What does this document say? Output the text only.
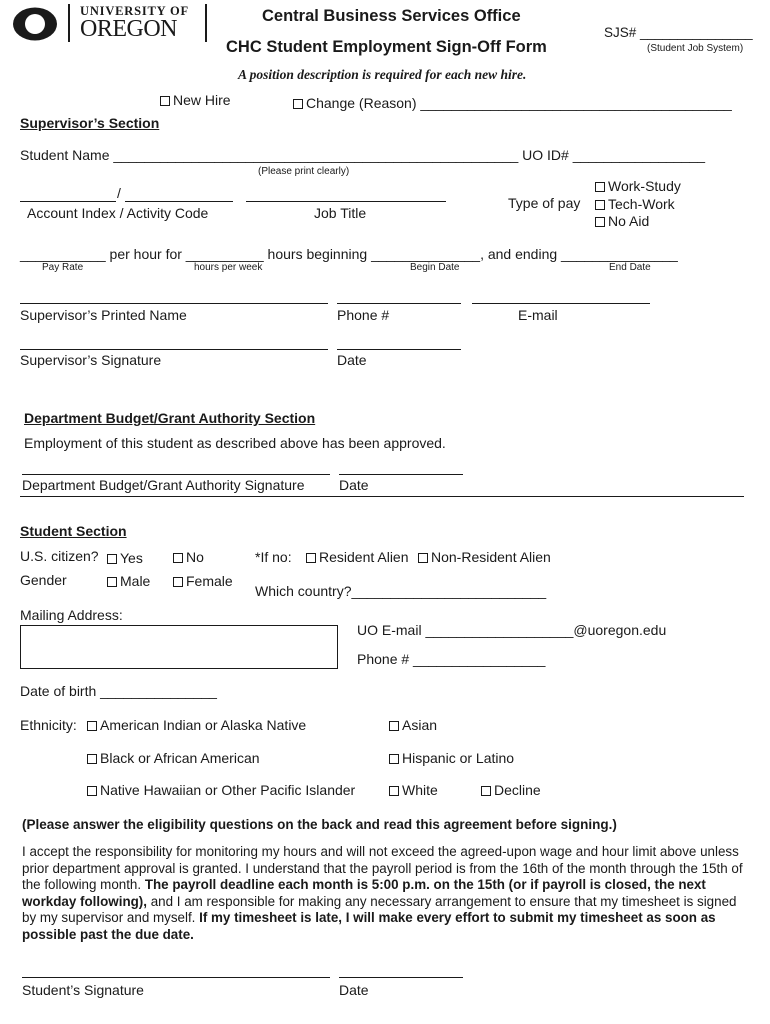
UNIVERSITY OF
OREGON	Central Business Services Office
CHC Student Employment Sign-Off Form
SJS# _______________
(Student Job System)
A position description is required for each new hire.
New Hire	Change (Reason) ________________________________________
Supervisor’s Section
Student Name ____________________________________________________ UO ID# _________________
(Please print clearly)
/
Account Index / Activity Code	Job Title
Type of pay
Work-Study
Tech-Work
No Aid
___________ per hour for __________ hours beginning ______________, and ending _______________
Pay Rate	hours per week	Begin Date	End Date
Supervisor’s Printed Name	Phone #	E-mail
Supervisor’s Signature	Date
Department Budget/Grant Authority Section
Employment of this student as described above has been approved.
Department Budget/Grant Authority Signature Date
Student Section
U.S. citizen?	Yes	No	*If no:	Resident Alien	Non-Resident Alien
Gender	Male	Female
Which country?_________________________
Mailing Address:
UO E-mail ___________________@uoregon.edu
Phone # _________________
Date of birth _______________
Ethnicity:	American Indian or Alaska Native	Asian
Black or African American	Hispanic or Latino
Native Hawaiian or Other Pacific Islander	White	Decline
(Please answer the eligibility questions on the back and read this agreement before signing.)
I accept the responsibility for monitoring my hours and will not exceed the agreed-upon wage and hour limit above unless prior department approval is granted. I understand that the payroll period is from the 16th of the month through the 15th of the following month. The payroll deadline each month is 5:00 p.m. on the 15th (or if payroll is closed, the next workday following), and I am responsible for making any necessary arrangement to ensure that my timesheet is signed by my supervisor and myself. If my timesheet is late, I will make every effort to submit my timesheet as soon as possible past the due date.
Student’s Signature	Date
